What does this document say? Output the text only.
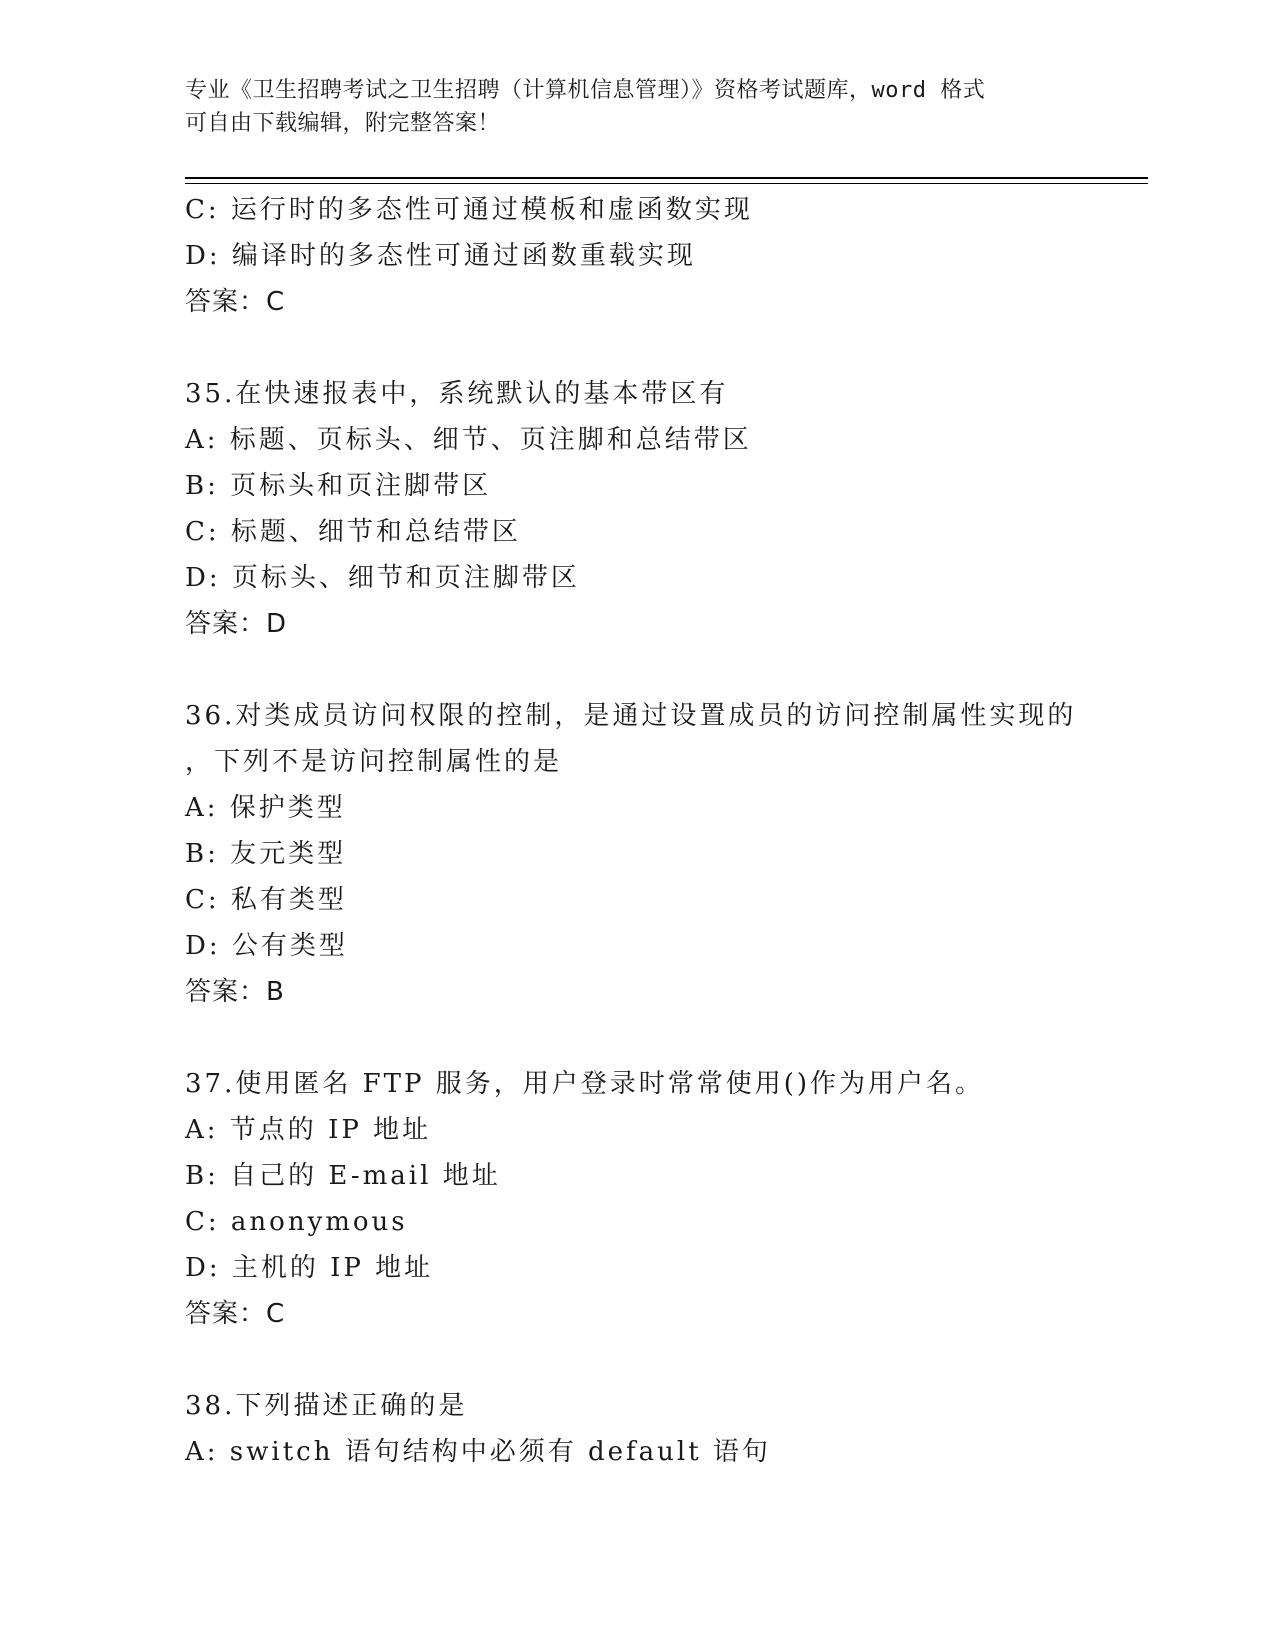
专业《卫生招聘考试之卫生招聘（计算机信息管理）》资格考试题库，word 格式
可自由下载编辑，附完整答案！
C: 运行时的多态性可通过模板和虚函数实现
D: 编译时的多态性可通过函数重载实现
答案：C
35.在快速报表中，系统默认的基本带区有
A: 标题、页标头、细节、页注脚和总结带区
B: 页标头和页注脚带区
C: 标题、细节和总结带区
D: 页标头、细节和页注脚带区
答案：D
36.对类成员访问权限的控制，是通过设置成员的访问控制属性实现的
，下列不是访问控制属性的是
A: 保护类型
B: 友元类型
C: 私有类型
D: 公有类型
答案：B
37.使用匿名 FTP 服务，用户登录时常常使用()作为用户名。
A: 节点的 IP 地址
B: 自己的 E-mail 地址
C: anonymous
D: 主机的 IP 地址
答案：C
38.下列描述正确的是
A: switch 语句结构中必须有 default 语句
